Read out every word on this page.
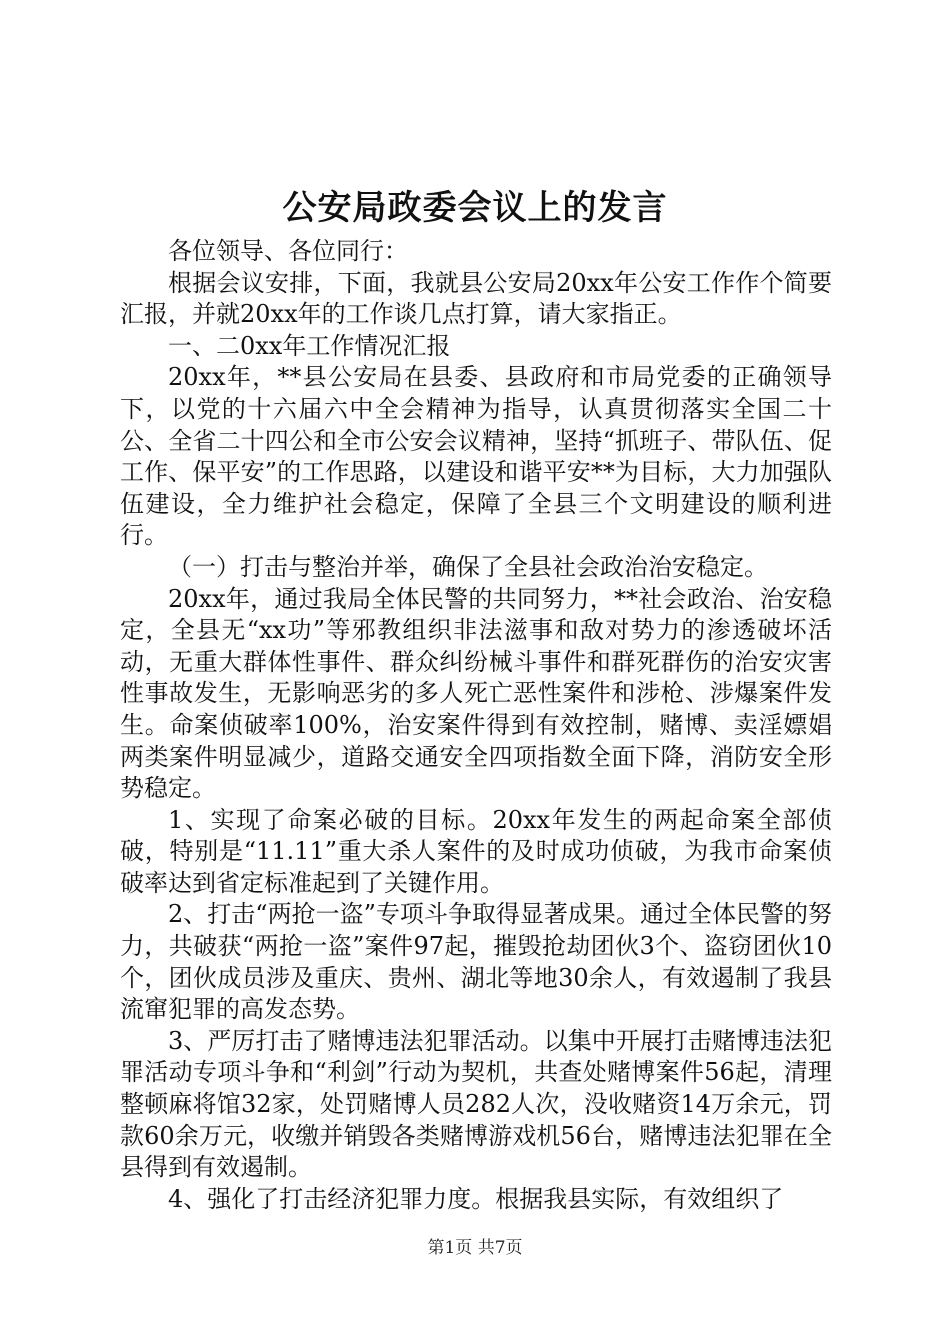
公安局政委会议上的发言

各位领导、各位同行：

根据会议安排，下面，我就县公安局20xx年公安工作作个简要汇报，并就20xx年的工作谈几点打算，请大家指正。

一、二0xx年工作情况汇报

20xx年，**县公安局在县委、县政府和市局党委的正确领导下，以党的十六届六中全会精神为指导，认真贯彻落实全国二十公、全省二十四公和全市公安会议精神，坚持“抓班子、带队伍、促工作、保平安”的工作思路，以建设和谐平安**为目标，大力加强队伍建设，全力维护社会稳定，保障了全县三个文明建设的顺利进行。

（一）打击与整治并举，确保了全县社会政治治安稳定。

20xx年，通过我局全体民警的共同努力，**社会政治、治安稳定，全县无“xx功”等邪教组织非法滋事和敌对势力的渗透破坏活动，无重大群体性事件、群众纠纷械斗事件和群死群伤的治安灾害性事故发生，无影响恶劣的多人死亡恶性案件和涉枪、涉爆案件发生。命案侦破率100%，治安案件得到有效控制，赌博、卖淫嫖娼两类案件明显减少，道路交通安全四项指数全面下降，消防安全形势稳定。

1、实现了命案必破的目标。20xx年发生的两起命案全部侦破，特别是“11.11”重大杀人案件的及时成功侦破，为我市命案侦破率达到省定标准起到了关键作用。

2、打击“两抢一盗”专项斗争取得显著成果。通过全体民警的努力，共破获“两抢一盗”案件97起，摧毁抢劫团伙3个、盗窃团伙10个，团伙成员涉及重庆、贵州、湖北等地30余人，有效遏制了我县流窜犯罪的高发态势。

3、严厉打击了赌博违法犯罪活动。以集中开展打击赌博违法犯罪活动专项斗争和“利剑”行动为契机，共查处赌博案件56起，清理整顿麻将馆32家，处罚赌博人员282人次，没收赌资14万余元，罚款60余万元，收缴并销毁各类赌博游戏机56台，赌博违法犯罪在全县得到有效遏制。

4、强化了打击经济犯罪力度。根据我县实际，有效组织了

第1页 共7页
